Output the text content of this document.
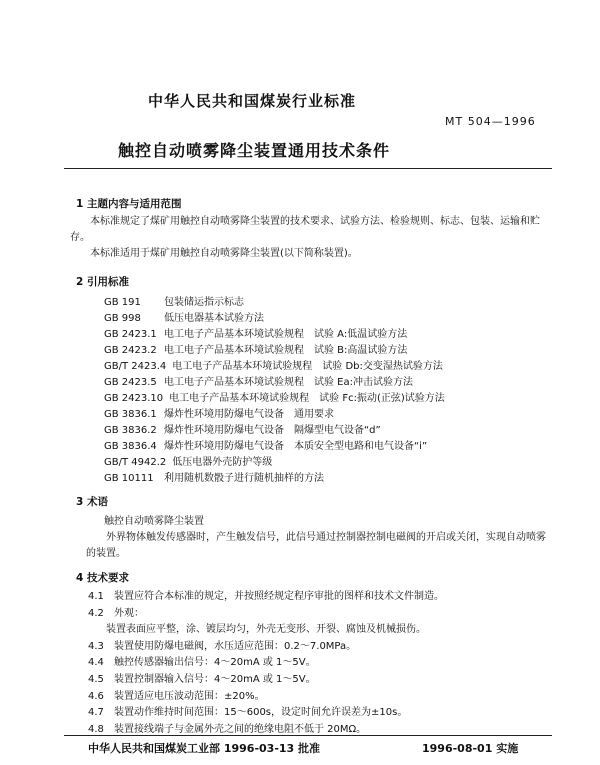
中华人民共和国煤炭行业标准
MT 504—1996
触控自动喷雾降尘装置通用技术条件
1 主题内容与适用范围
本标准规定了煤矿用触控自动喷雾降尘装置的技术要求、试验方法、检验规则、标志、包装、运输和贮存。
本标准适用于煤矿用触控自动喷雾降尘装置(以下简称装置)。
2 引用标准
GB 191 包装储运指示标志
GB 998 低压电器基本试验方法
GB 2423.1 电工电子产品基本环境试验规程　试验 A:低温试验方法
GB 2423.2 电工电子产品基本环境试验规程　试验 B:高温试验方法
GB/T 2423.4 电工电子产品基本环境试验规程　试验 Db:交变湿热试验方法
GB 2423.5 电工电子产品基本环境试验规程　试验 Ea:冲击试验方法
GB 2423.10 电工电子产品基本环境试验规程　试验 Fc:振动(正弦)试验方法
GB 3836.1 爆炸性环境用防爆电气设备　通用要求
GB 3836.2 爆炸性环境用防爆电气设备　隔爆型电气设备“d”
GB 3836.4 爆炸性环境用防爆电气设备　本质安全型电路和电气设备“i”
GB/T 4942.2 低压电器外壳防护等级
GB 10111 利用随机数骰子进行随机抽样的方法
3 术语
触控自动喷雾降尘装置
外界物体触发传感器时，产生触发信号，此信号通过控制器控制电磁阀的开启或关闭，实现自动喷雾的装置。
4 技术要求
4.1 装置应符合本标准的规定，并按照经规定程序审批的图样和技术文件制造。
4.2 外观：
装置表面应平整，涂、镀层均匀，外壳无变形、开裂、腐蚀及机械损伤。
4.3 装置使用防爆电磁阀，水压适应范围：0.2～7.0MPa。
4.4 触控传感器输出信号：4～20mA 或 1～5V。
4.5 装置控制器输入信号：4～20mA 或 1～5V。
4.6 装置适应电压波动范围：±20%。
4.7 装置动作维持时间范围：15～600s，设定时间允许误差为±10s。
4.8 装置接线端子与金属外壳之间的绝缘电阻不低于 20MΩ。
中华人民共和国煤炭工业部 1996-03-13 批准	1996-08-01 实施
